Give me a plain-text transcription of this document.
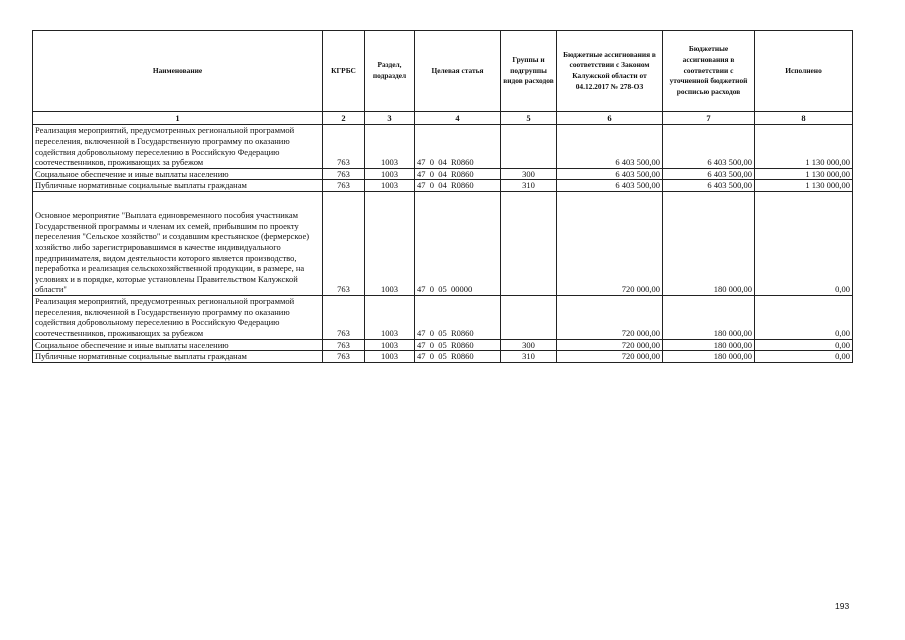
Наименование	КГРБС	Раздел, подраздел	Целевая статья	Группы и подгруппы видов расходов	Бюджетные ассигнования в соответствии с Законом Калужской области от 04.12.2017 № 278-ОЗ	Бюджетные ассигнования в соответствии с уточненной бюджетной росписью расходов	Исполнено
1	2	3	4	5	6	7	8
Реализация мероприятий, предусмотренных региональной программой переселения, включенной в Государственную программу по оказанию содействия добровольному переселению в Российскую Федерацию соотечественников, проживающих за рубежом	763	1003	47  0  04  R0860		6 403 500,00	6 403 500,00	1 130 000,00
Социальное обеспечение и иные выплаты населению	763	1003	47  0  04  R0860	300	6 403 500,00	6 403 500,00	1 130 000,00
Публичные нормативные социальные выплаты гражданам	763	1003	47  0  04  R0860	310	6 403 500,00	6 403 500,00	1 130 000,00
Основное мероприятие "Выплата единовременного пособия участникам Государственной программы и членам их семей, прибывшим по проекту переселения "Сельское хозяйство" и создавшим крестьянское (фермерское) хозяйство либо зарегистрировавшимся в качестве индивидуального предпринимателя, видом деятельности которого является производство, переработка и реализация сельскохозяйственной продукции, в размере, на условиях и в порядке, которые установлены Правительством Калужской области"	763	1003	47  0  05  00000		720 000,00	180 000,00	0,00
Реализация мероприятий, предусмотренных региональной программой переселения, включенной в Государственную программу по оказанию содействия добровольному переселению в Российскую Федерацию соотечественников, проживающих за рубежом	763	1003	47  0  05  R0860		720 000,00	180 000,00	0,00
Социальное обеспечение и иные выплаты населению	763	1003	47  0  05  R0860	300	720 000,00	180 000,00	0,00
Публичные нормативные социальные выплаты гражданам	763	1003	47  0  05  R0860	310	720 000,00	180 000,00	0,00
193
